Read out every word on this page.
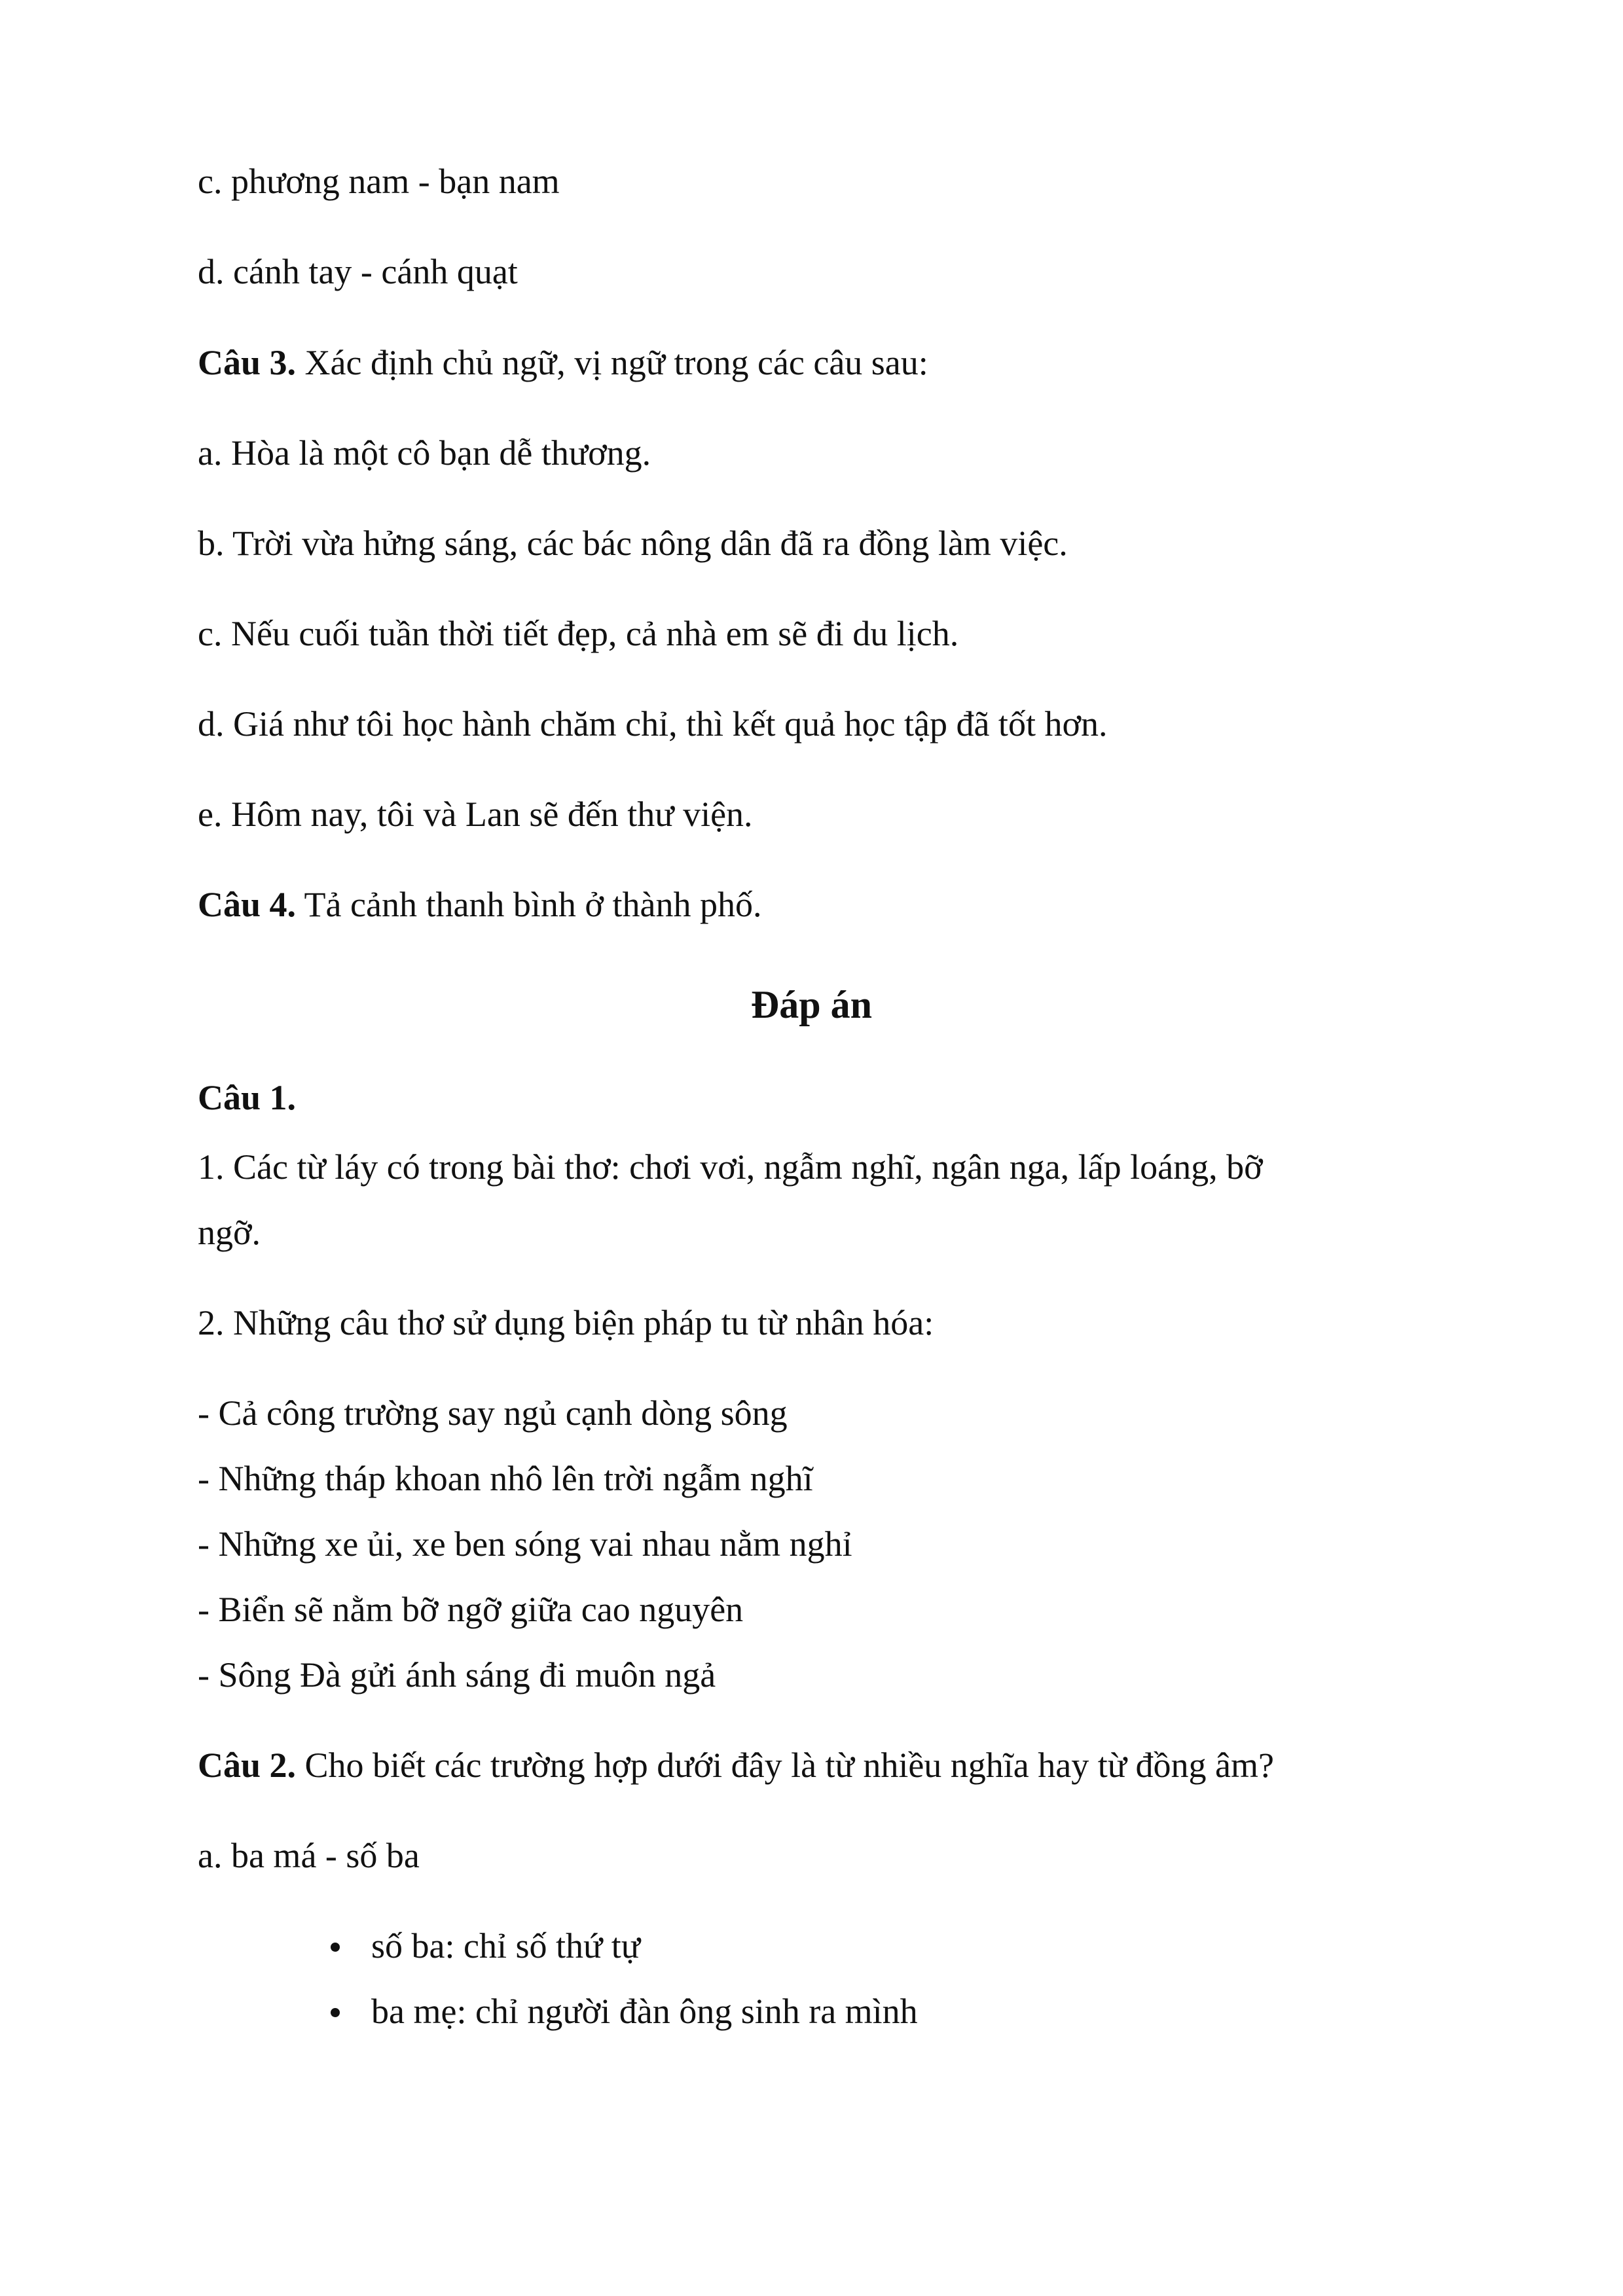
c. phương nam - bạn nam
d. cánh tay - cánh quạt
Câu 3. Xác định chủ ngữ, vị ngữ trong các câu sau:
a. Hòa là một cô bạn dễ thương.
b. Trời vừa hửng sáng, các bác nông dân đã ra đồng làm việc.
c. Nếu cuối tuần thời tiết đẹp, cả nhà em sẽ đi du lịch.
d. Giá như tôi học hành chăm chỉ, thì kết quả học tập đã tốt hơn.
e. Hôm nay, tôi và Lan sẽ đến thư viện.
Câu 4. Tả cảnh thanh bình ở thành phố.
Đáp án
Câu 1.
1. Các từ láy có trong bài thơ: chơi vơi, ngẫm nghĩ, ngân nga, lấp loáng, bỡ
ngỡ.
2. Những câu thơ sử dụng biện pháp tu từ nhân hóa:
- Cả công trường say ngủ cạnh dòng sông
- Những tháp khoan nhô lên trời ngẫm nghĩ
- Những xe ủi, xe ben sóng vai nhau nằm nghỉ
- Biển sẽ nằm bỡ ngỡ giữa cao nguyên
- Sông Đà gửi ánh sáng đi muôn ngả
Câu 2. Cho biết các trường hợp dưới đây là từ nhiều nghĩa hay từ đồng âm?
a. ba má - số ba
số ba: chỉ số thứ tự
ba mẹ: chỉ người đàn ông sinh ra mình
